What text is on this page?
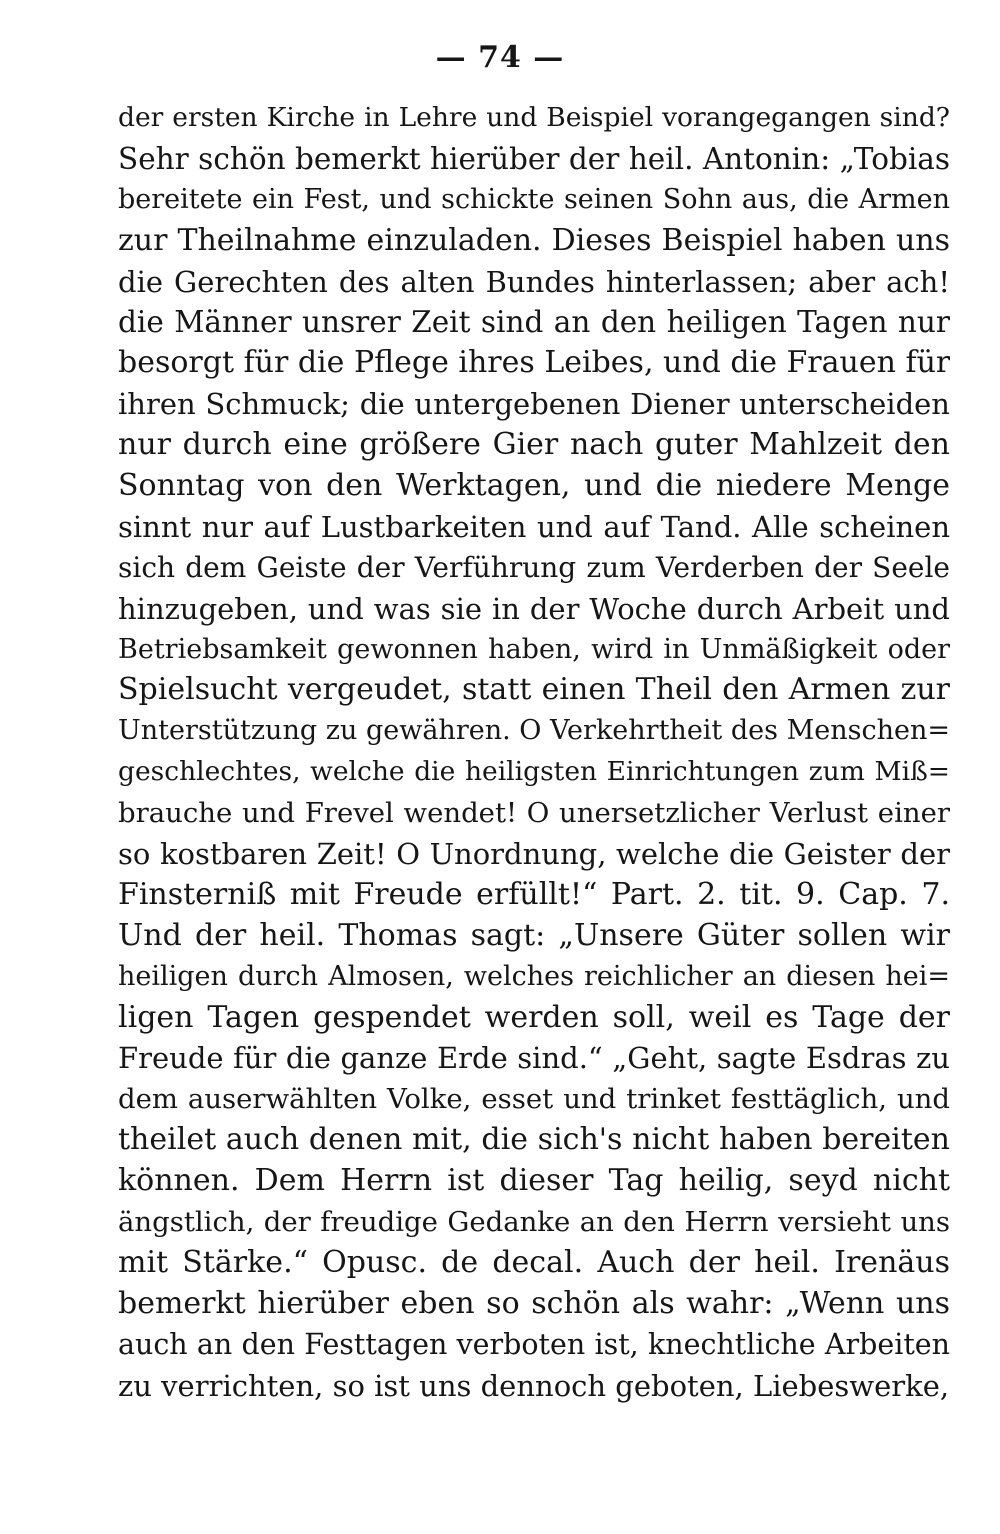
— 74 —
der ersten Kirche in Lehre und Beispiel vorangegangen sind?
Sehr schön bemerkt hierüber der heil. Antonin: „Tobias
bereitete ein Fest, und schickte seinen Sohn aus, die Armen
zur Theilnahme einzuladen. Dieses Beispiel haben uns
die Gerechten des alten Bundes hinterlassen; aber ach!
die Männer unsrer Zeit sind an den heiligen Tagen nur
besorgt für die Pflege ihres Leibes, und die Frauen für
ihren Schmuck; die untergebenen Diener unterscheiden
nur durch eine größere Gier nach guter Mahlzeit den
Sonntag von den Werktagen, und die niedere Menge
sinnt nur auf Lustbarkeiten und auf Tand. Alle scheinen
sich dem Geiste der Verführung zum Verderben der Seele
hinzugeben, und was sie in der Woche durch Arbeit und
Betriebsamkeit gewonnen haben, wird in Unmäßigkeit oder
Spielsucht vergeudet, statt einen Theil den Armen zur
Unterstützung zu gewähren. O Verkehrtheit des Menschen=
geschlechtes, welche die heiligsten Einrichtungen zum Miß=
brauche und Frevel wendet! O unersetzlicher Verlust einer
so kostbaren Zeit! O Unordnung, welche die Geister der
Finsterniß mit Freude erfüllt!“ Part. 2. tit. 9. Cap. 7.
Und der heil. Thomas sagt: „Unsere Güter sollen wir
heiligen durch Almosen, welches reichlicher an diesen hei=
ligen Tagen gespendet werden soll, weil es Tage der
Freude für die ganze Erde sind.“ „Geht, sagte Esdras zu
dem auserwählten Volke, esset und trinket festtäglich, und
theilet auch denen mit, die sich's nicht haben bereiten
können. Dem Herrn ist dieser Tag heilig, seyd nicht
ängstlich, der freudige Gedanke an den Herrn versieht uns
mit Stärke.“ Opusc. de decal. Auch der heil. Irenäus
bemerkt hierüber eben so schön als wahr: „Wenn uns
auch an den Festtagen verboten ist, knechtliche Arbeiten
zu verrichten, so ist uns dennoch geboten, Liebeswerke,
